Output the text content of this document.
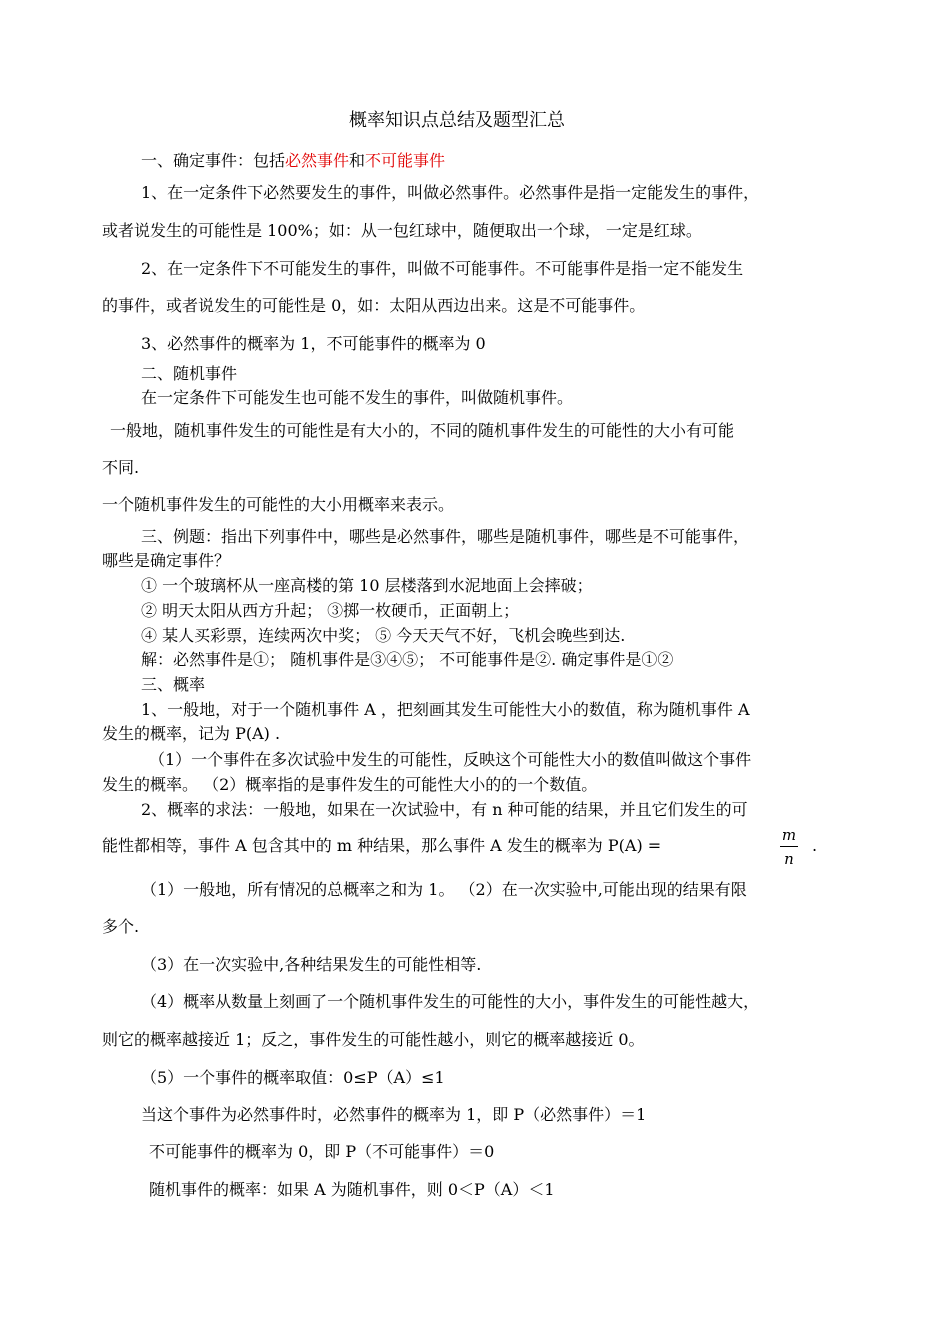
概率知识点总结及题型汇总
一、确定事件：包括必然事件和不可能事件
1、在一定条件下必然要发生的事件，叫做必然事件。必然事件是指一定能发生的事件，
或者说发生的可能性是 100%；如：从一包红球中，随便取出一个球， 一定是红球。
2、在一定条件下不可能发生的事件，叫做不可能事件。不可能事件是指一定不能发生
的事件，或者说发生的可能性是 0，如：太阳从西边出来。这是不可能事件。
3、必然事件的概率为 1，不可能事件的概率为 0
二、随机事件
在一定条件下可能发生也可能不发生的事件，叫做随机事件。
一般地，随机事件发生的可能性是有大小的，不同的随机事件发生的可能性的大小有可能
不同.
一个随机事件发生的可能性的大小用概率来表示。
三、例题：指出下列事件中，哪些是必然事件，哪些是随机事件，哪些是不可能事件，
哪些是确定事件？
① 一个玻璃杯从一座高楼的第 10 层楼落到水泥地面上会摔破；
② 明天太阳从西方升起； ③掷一枚硬币，正面朝上；
④ 某人买彩票，连续两次中奖； ⑤ 今天天气不好，飞机会晚些到达.
解：必然事件是①； 随机事件是③④⑤； 不可能事件是②. 确定事件是①②
三、概率
1、一般地，对于一个随机事件 A ，把刻画其发生可能性大小的数值，称为随机事件 A
发生的概率，记为 P(A) .
（1）一个事件在多次试验中发生的可能性，反映这个可能性大小的数值叫做这个事件
发生的概率。 （2）概率指的是事件发生的可能性大小的的一个数值。
2、概率的求法：一般地，如果在一次试验中，有 n 种可能的结果，并且它们发生的可
能性都相等，事件 A 包含其中的 m 种结果，那么事件 A 发生的概率为 P(A) =
m
n
.
（1）一般地，所有情况的总概率之和为 1。 （2）在一次实验中,可能出现的结果有限
多个.
（3）在一次实验中,各种结果发生的可能性相等.
（4）概率从数量上刻画了一个随机事件发生的可能性的大小，事件发生的可能性越大，
则它的概率越接近 1；反之，事件发生的可能性越小，则它的概率越接近 0。
（5）一个事件的概率取值：0≤P（A）≤1
当这个事件为必然事件时，必然事件的概率为 1，即 P（必然事件）＝1
不可能事件的概率为 0，即 P（不可能事件）＝0
随机事件的概率：如果 A 为随机事件，则 0＜P（A）＜1
